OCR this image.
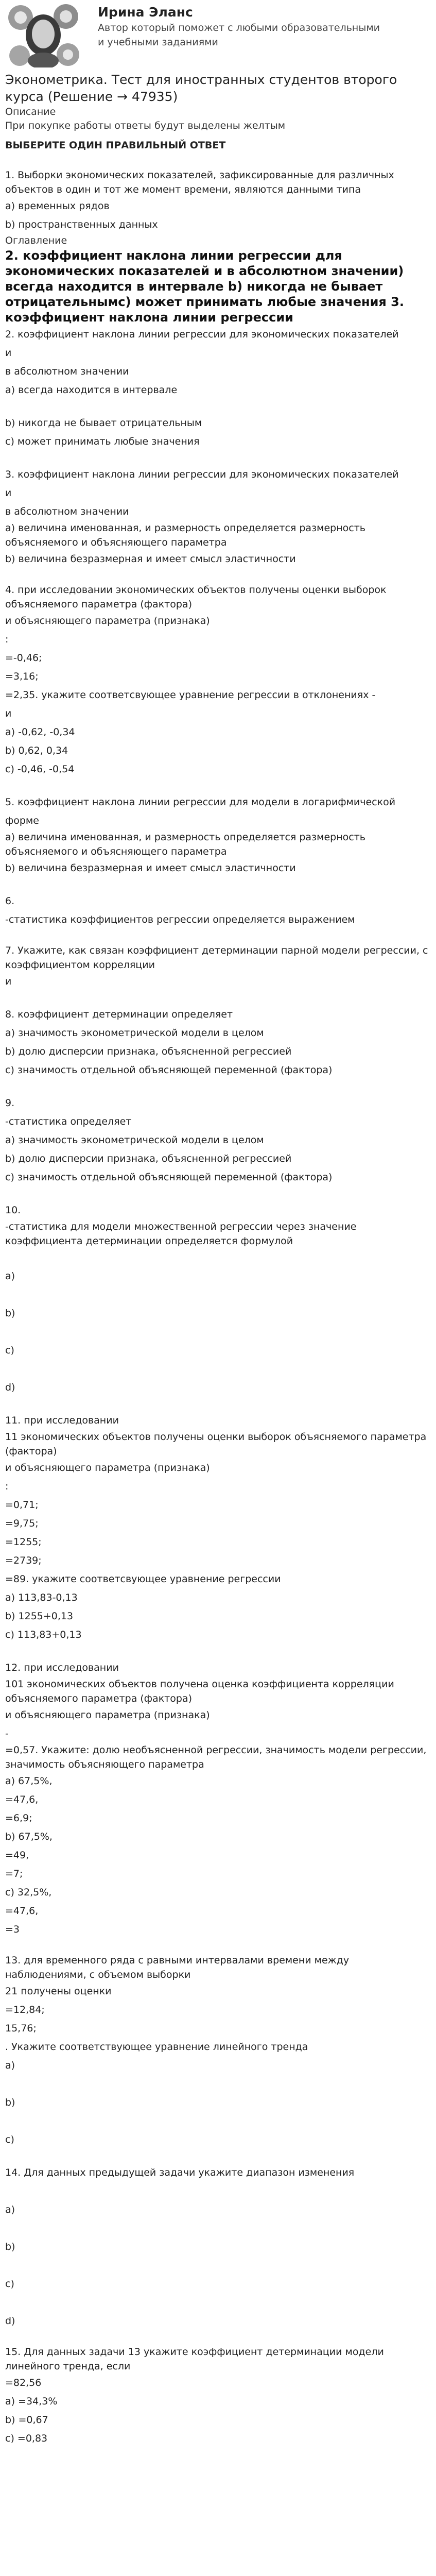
Ирина Эланс
Автор который поможет с любыми образовательными и учебными заданиями
Эконометрика. Тест для иностранных студентов второго курса (Решение → 47935)
Описание
При покупке работы ответы будут выделены желтым
ВЫБЕРИТЕ ОДИН ПРАВИЛЬНЫЙ ОТВЕТ
1. Выборки экономических показателей, зафиксированные для различных объектов в один и тот же момент времени, являются данными типа
а) временных рядов
b) пространственных данных
Оглавление
2. коэффициент наклона линии регрессии для экономических показателей и в абсолютном значении) всегда находится в интервале b) никогда не бывает отрицательнымс) может принимать любые значения 3. коэффициент наклона линии регрессии
2. коэффициент наклона линии регрессии для экономических показателей
и
в абсолютном значении
а) всегда находится в интервале
b) никогда не бывает отрицательным
с) может принимать любые значения
3. коэффициент наклона линии регрессии для экономических показателей
и
в абсолютном значении
а) величина именованная, и размерность определяется размерность объясняемого и объясняющего параметра
b) величина безразмерная и имеет смысл эластичности
4. при исследовании экономических объектов получены оценки выборок объясняемого параметра (фактора)
и объясняющего параметра (признака)
:
=-0,46;
=3,16;
=2,35. укажите соответсвующее уравнение регрессии в отклонениях -
и
а) -0,62, -0,34
b) 0,62, 0,34
с) -0,46, -0,54
5. коэффициент наклона линии регрессии для модели в логарифмической форме
а) величина именованная, и размерность определяется размерность объясняемого и объясняющего параметра
b) величина безразмерная и имеет смысл эластичности
6.
-статистика коэффициентов регрессии определяется выражением
7. Укажите, как связан коэффициент детерминации парной модели регрессии, с коэффициентом корреляции
и
8. коэффициент детерминации определяет
а) значимость эконометрической модели в целом
b) долю дисперсии признака, объясненной регрессией
с) значимость отдельной объясняющей переменной (фактора)
9.
-статистика определяет
а) значимость эконометрической модели в целом
b) долю дисперсии признака, объясненной регрессией
с) значимость отдельной объясняющей переменной (фактора)
10.
-статистика для модели множественной регрессии через значение коэффициента детерминации определяется формулой
а)
b)
с)
d)
11. при исследовании
11 экономических объектов получены оценки выборок объясняемого параметра (фактора)
и объясняющего параметра (признака)
:
=0,71;
=9,75;
=1255;
=2739;
=89. укажите соответсвующее уравнение регрессии
а) 113,83-0,13
b) 1255+0,13
с) 113,83+0,13
12. при исследовании
101 экономических объектов получена оценка коэффициента корреляции объясняемого параметра (фактора)
и объясняющего параметра (признака)
-
=0,57. Укажите: долю необъясненной регрессии, значимость модели регрессии, значимость объясняющего параметра
а) 67,5%,
=47,6,
=6,9;
b) 67,5%,
=49,
=7;
с) 32,5%,
=47,6,
=3
13. для временного ряда с равными интервалами времени между наблюдениями, с объемом выборки
21 получены оценки
=12,84;
15,76;
. Укажите соответствующее уравнение линейного тренда
а)
b)
с)
14. Для данных предыдущей задачи укажите диапазон изменения
а)
b)
с)
d)
15. Для данных задачи 13 укажите коэффициент детерминации модели линейного тренда, если
=82,56
а) =34,3%
b) =0,67
с) =0,83
